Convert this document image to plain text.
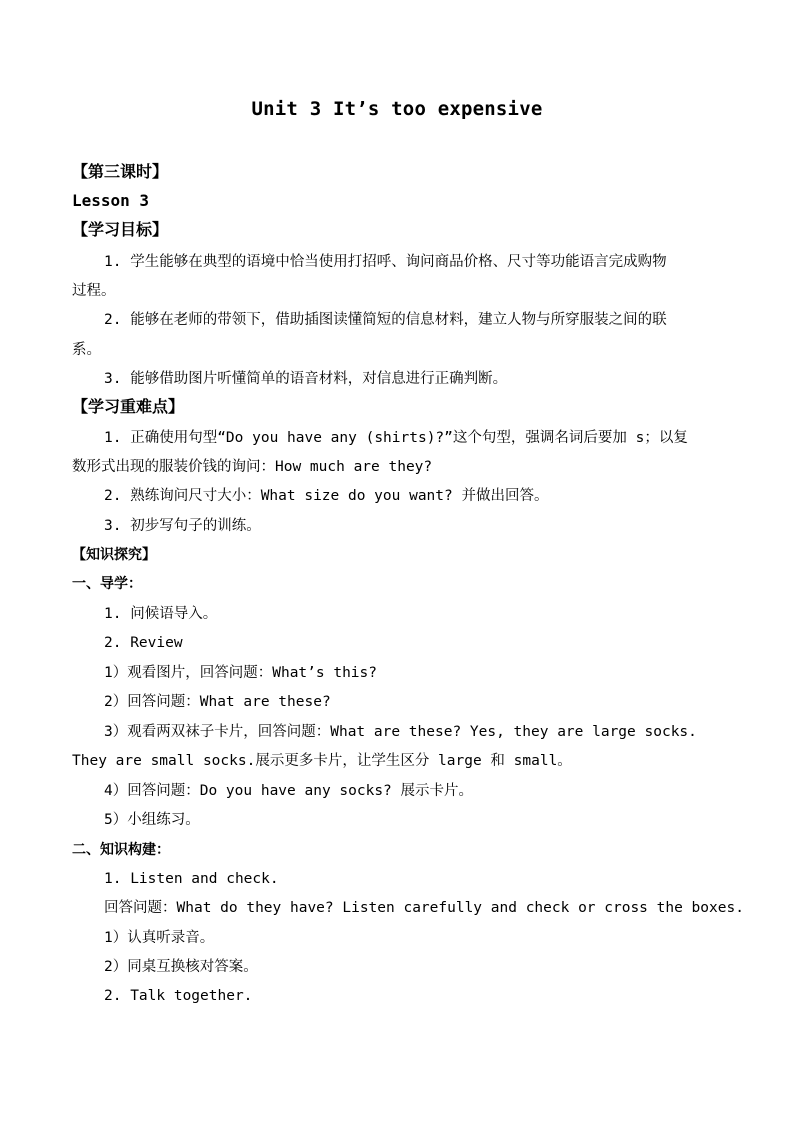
Unit 3 It’s too expensive
【第三课时】
Lesson 3
【学习目标】
1. 学生能够在典型的语境中恰当使用打招呼、询问商品价格、尺寸等功能语言完成购物
过程。
2. 能够在老师的带领下，借助插图读懂简短的信息材料，建立人物与所穿服装之间的联
系。
3. 能够借助图片听懂简单的语音材料，对信息进行正确判断。
【学习重难点】
1. 正确使用句型“Do you have any (shirts)?”这个句型，强调名词后要加 s；以复
数形式出现的服装价钱的询问：How much are they?
2. 熟练询问尺寸大小：What size do you want? 并做出回答。
3. 初步写句子的训练。
【知识探究】
一、导学：
1. 问候语导入。
2. Review
1）观看图片，回答问题：What’s this?
2）回答问题：What are these?
3）观看两双袜子卡片，回答问题：What are these? Yes, they are large socks.
They are small socks.展示更多卡片，让学生区分 large 和 small。
4）回答问题：Do you have any socks? 展示卡片。
5）小组练习。
二、知识构建：
1. Listen and check.
回答问题：What do they have? Listen carefully and check or cross the boxes.
1）认真听录音。
2）同桌互换核对答案。
2. Talk together.
